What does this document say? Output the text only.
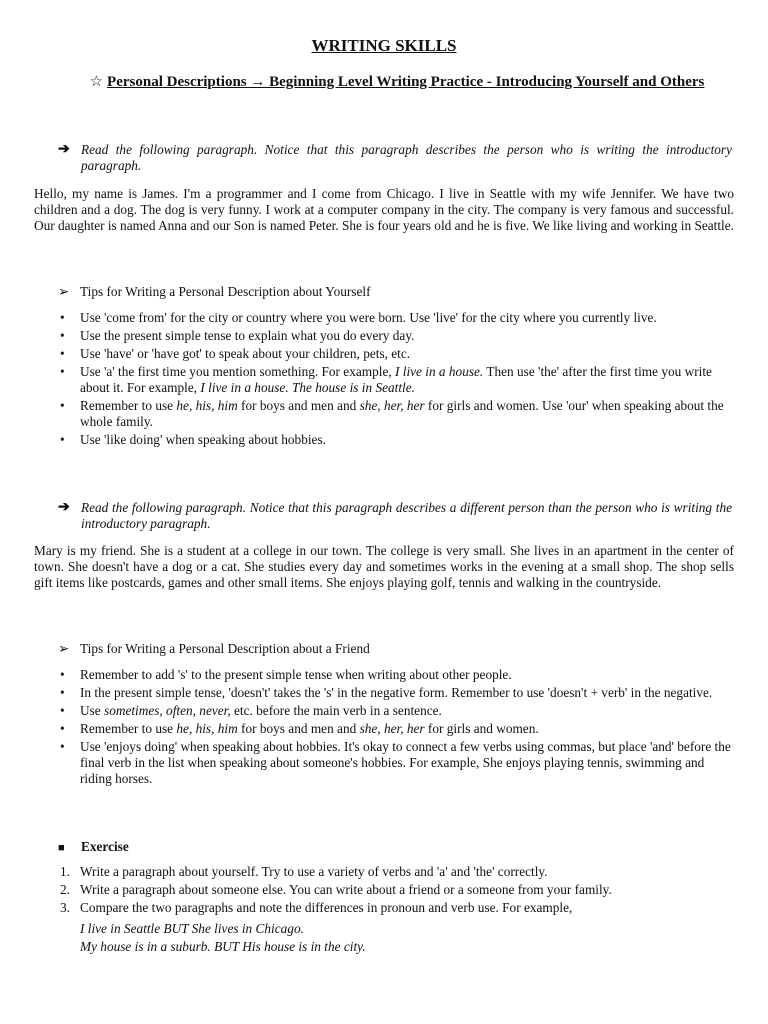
WRITING SKILLS
☆ Personal Descriptions → Beginning Level Writing Practice - Introducing Yourself and Others
➔ Read the following paragraph. Notice that this paragraph describes the person who is writing the introductory paragraph.
Hello, my name is James. I'm a programmer and I come from Chicago. I live in Seattle with my wife Jennifer. We have two children and a dog. The dog is very funny. I work at a computer company in the city. The company is very famous and successful. Our daughter is named Anna and our Son is named Peter. She is four years old and he is five. We like living and working in Seattle.
➢ Tips for Writing a Personal Description about Yourself
• Use 'come from' for the city or country where you were born. Use 'live' for the city where you currently live.
• Use the present simple tense to explain what you do every day.
• Use 'have' or 'have got' to speak about your children, pets, etc.
• Use 'a' the first time you mention something. For example, I live in a house. Then use 'the' after the first time you write about it. For example, I live in a house. The house is in Seattle.
• Remember to use he, his, him for boys and men and she, her, her for girls and women. Use 'our' when speaking about the whole family.
• Use 'like doing' when speaking about hobbies.
➔ Read the following paragraph. Notice that this paragraph describes a different person than the person who is writing the introductory paragraph.
Mary is my friend. She is a student at a college in our town. The college is very small. She lives in an apartment in the center of town. She doesn't have a dog or a cat. She studies every day and sometimes works in the evening at a small shop. The shop sells gift items like postcards, games and other small items. She enjoys playing golf, tennis and walking in the countryside.
➢ Tips for Writing a Personal Description about a Friend
• Remember to add 's' to the present simple tense when writing about other people.
• In the present simple tense, 'doesn't' takes the 's' in the negative form. Remember to use 'doesn't + verb' in the negative.
• Use sometimes, often, never, etc. before the main verb in a sentence.
• Remember to use he, his, him for boys and men and she, her, her for girls and women.
• Use 'enjoys doing' when speaking about hobbies. It's okay to connect a few verbs using commas, but place 'and' before the final verb in the list when speaking about someone's hobbies. For example, She enjoys playing tennis, swimming and riding horses.
■ Exercise
1. Write a paragraph about yourself. Try to use a variety of verbs and 'a' and 'the' correctly.
2. Write a paragraph about someone else. You can write about a friend or a someone from your family.
3. Compare the two paragraphs and note the differences in pronoun and verb use. For example,
I live in Seattle BUT She lives in Chicago.
My house is in a suburb. BUT His house is in the city.
